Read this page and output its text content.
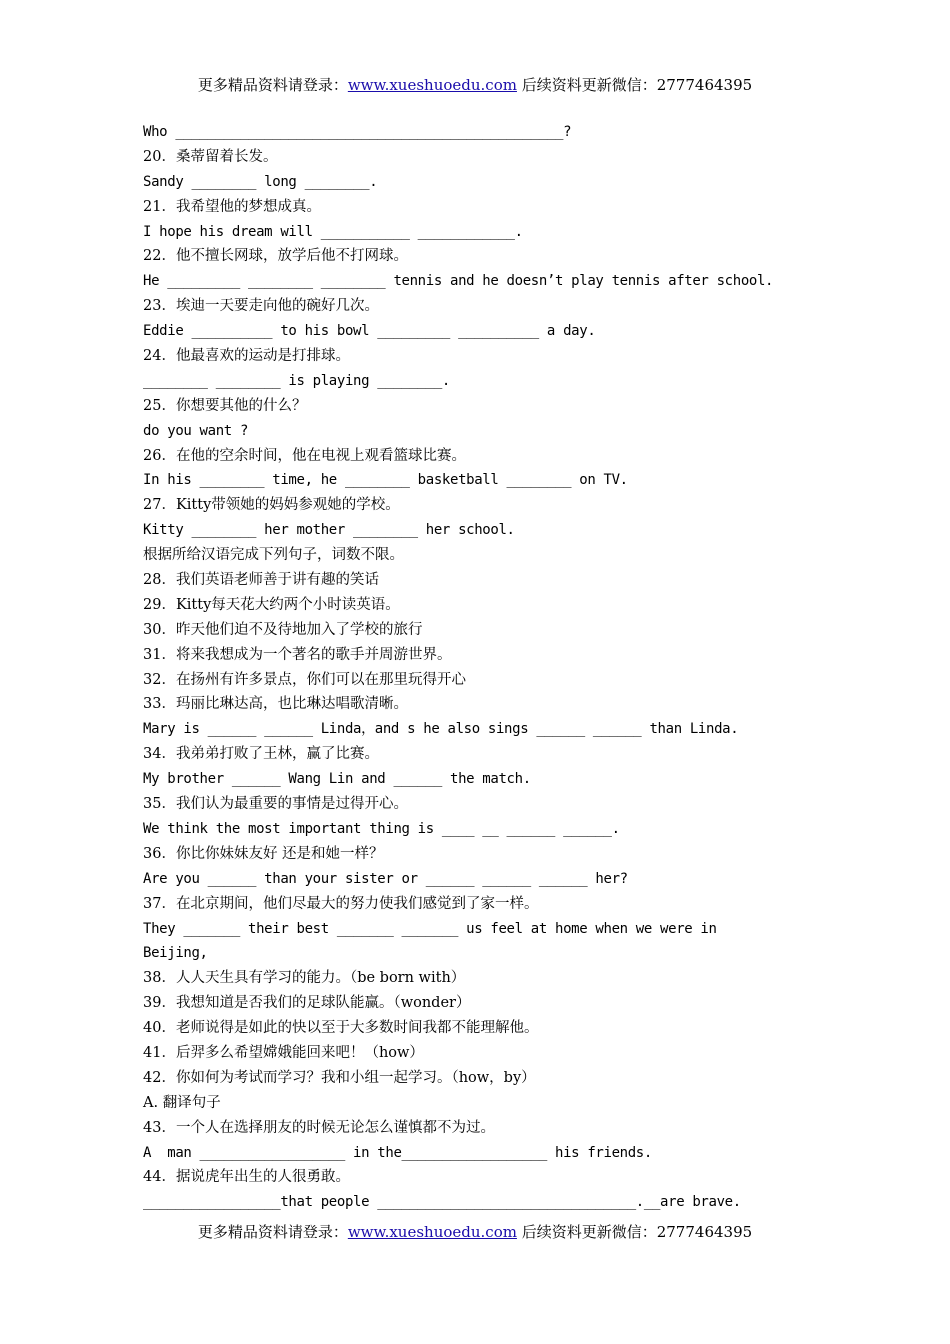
更多精品资料请登录：www.xueshuoedu.com 后续资料更新微信：2777464395
Who ________________________________________________?
20．桑蒂留着长发。
Sandy ________ long ________.
21．我希望他的梦想成真。
I hope his dream will ___________ ____________.
22．他不擅长网球，放学后他不打网球。
He _________ ________ ________ tennis and he doesn’t play tennis after school.
23．埃迪一天要走向他的碗好几次。
Eddie __________ to his bowl _________ __________ a day.
24．他最喜欢的运动是打排球。
________ ________ is playing ________.
25．你想要其他的什么？
do you want ?
26．在他的空余时间，他在电视上观看篮球比赛。
In his ________ time, he ________ basketball ________ on TV.
27．Kitty带领她的妈妈参观她的学校。
Kitty ________ her mother ________ her school.
根据所给汉语完成下列句子，词数不限。
28．我们英语老师善于讲有趣的笑话
29．Kitty每天花大约两个小时读英语。
30．昨天他们迫不及待地加入了学校的旅行
31．将来我想成为一个著名的歌手并周游世界。
32．在扬州有许多景点，你们可以在那里玩得开心
33．玛丽比琳达高，也比琳达唱歌清晰。
Mary is ______ ______ Linda，and s he also sings ______ ______ than Linda.
34．我弟弟打败了王林，赢了比赛。
My brother ______ Wang Lin and ______ the match.
35．我们认为最重要的事情是过得开心。
We think the most important thing is ____ __ ______ ______.
36．你比你妹妹友好 还是和她一样？
Are you ______ than your sister or ______ ______ ______ her?
37．在北京期间，他们尽最大的努力使我们感觉到了家一样。
They _______ their best _______ _______ us feel at home when we were in
Beijing,
38．人人天生具有学习的能力。（be born with）
39．我想知道是否我们的足球队能赢。（wonder）
40．老师说得是如此的快以至于大多数时间我都不能理解他。
41．后羿多么希望嫦娥能回来吧！（how）
42．你如何为考试而学习？我和小组一起学习。（how，by）
A. 翻译句子
43．一个人在选择朋友的时候无论怎么谨慎都不为过。
A  man __________________ in the__________________ his friends.
44．据说虎年出生的人很勇敢。
_________________that people ________________________________.__are brave.
更多精品资料请登录：www.xueshuoedu.com 后续资料更新微信：2777464395
